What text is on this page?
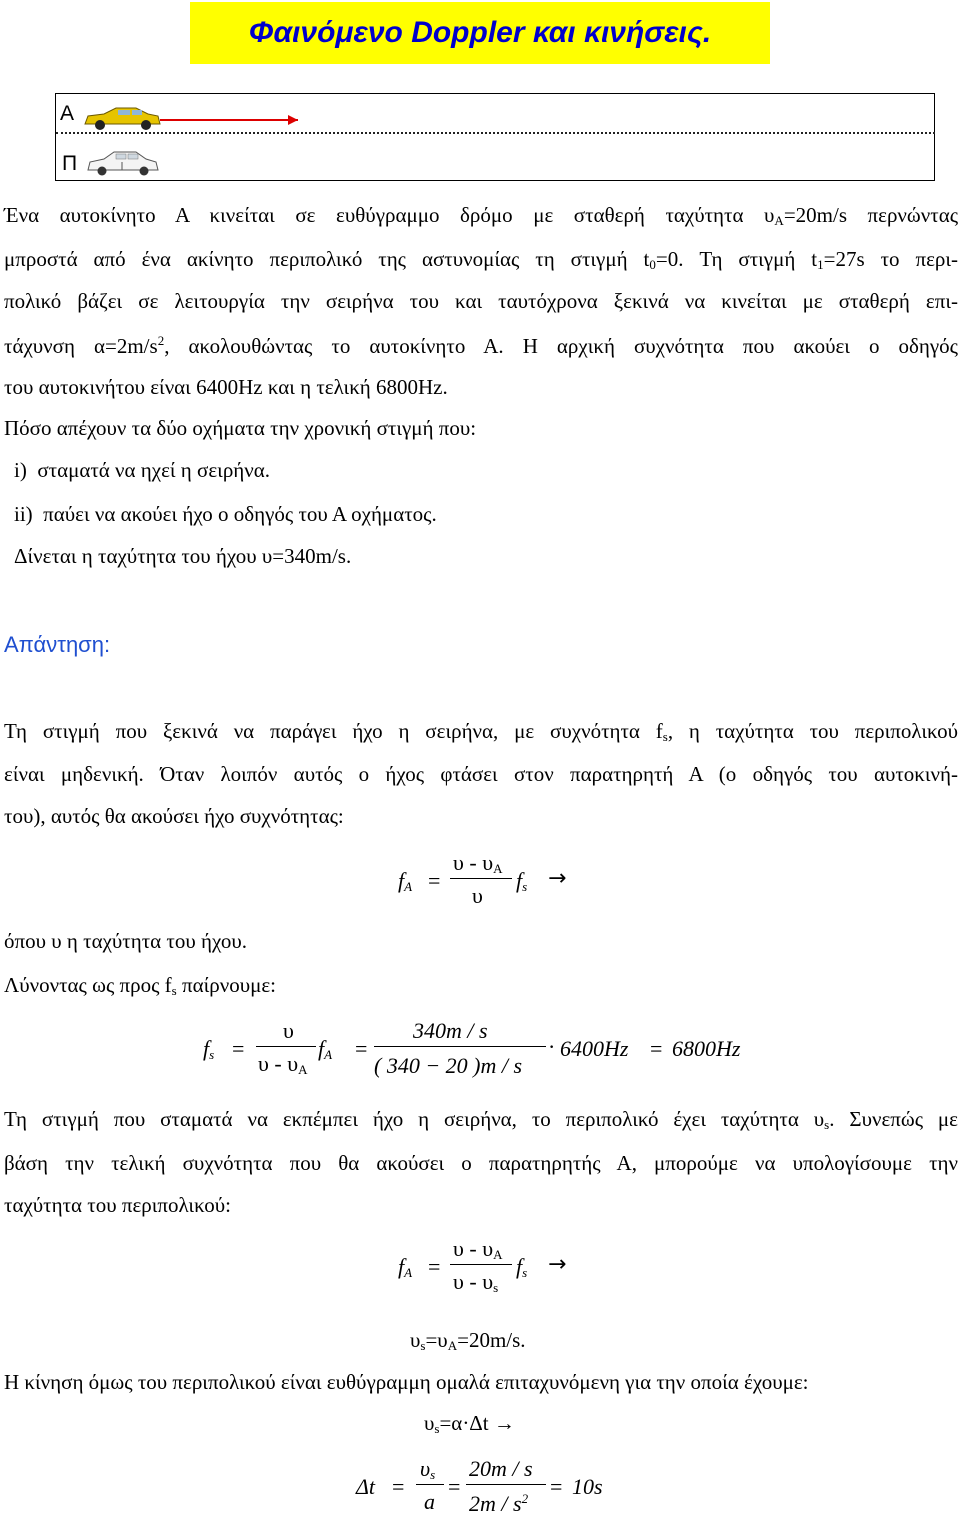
Φαινόμενο Doppler και κινήσεις.
Α
Π
Ένα αυτοκίνητο Α κινείται σε ευθύγραμμο δρόμο με σταθερή ταχύτητα $\upsilon_A=20m/s$ περνώντας
μπροστά από ένα ακίνητο περιπολικό της αστυνομίας τη στιγμή $t_0=0$. Τη στιγμή $t_1=27s$ το περι-
πολικό βάζει σε λειτουργία την σειρήνα του και ταυτόχρονα ξεκινά να κινείται με σταθερή επι-
τάχυνση $\alpha=2m/s^2$, ακολουθώντας το αυτοκίνητο Α. Η αρχική συχνότητα που ακούει ο οδηγός
του αυτοκινήτου είναι 6400Hz και η τελική 6800Hz.
Πόσο απέχουν τα δύο οχήματα την χρονική στιγμή που:
i) σταματά να ηχεί η σειρήνα.
ii) παύει να ακούει ήχο ο οδηγός του Α οχήματος.
Δίνεται η ταχύτητα του ήχου υ=340m/s.
Απάντηση:
Τη στιγμή που ξεκινά να παράγει ήχο η σειρήνα, με συχνότητα $f_s$, η ταχύτητα του περιπολικού
είναι μηδενική. Όταν λοιπόν αυτός ο ήχος φτάσει στον παρατηρητή Α (ο οδηγός του αυτοκινή-
του), αυτός θα ακούσει ήχο συχνότητας:
$f_A$ =
υ - $\upsilon_A$
υ
$f_s$ →
όπου υ η ταχύτητα του ήχου.
Λύνοντας ως προς $f_s$ παίρνουμε:
$f_s$ =
υ
υ - $\upsilon_A$
$f_A$ =
340m / s
( 340 − 20 )m / s
· 6400Hz = 6800Hz
Τη στιγμή που σταματά να εκπέμπει ήχο η σειρήνα, το περιπολικό έχει ταχύτητα $\upsilon_s$. Συνεπώς με
βάση την τελική συχνότητα που θα ακούσει ο παρατηρητής Α, μπορούμε να υπολογίσουμε την
ταχύτητα του περιπολικού:
$f_A$ =
υ - $\upsilon_A$
υ - $\upsilon_s$
$f_s$ →
$\upsilon_s=\upsilon_A=20m/s$.
Η κίνηση όμως του περιπολικού είναι ευθύγραμμη ομαλά επιταχυνόμενη για την οποία έχουμε:
$\upsilon_s=\alpha\cdot\Delta t$ →
Δt =
$\upsilon_s$
a
=
20m / s
$2m / s^2 = 10s$
